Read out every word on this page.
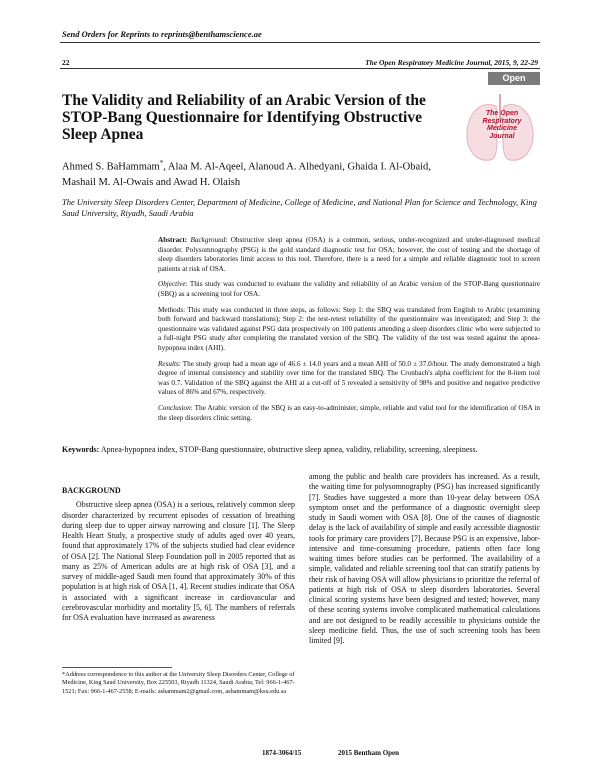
Send Orders for Reprints to reprints@benthamscience.ae
22	The Open Respiratory Medicine Journal, 2015, 9, 22-29
Open Access
The Validity and Reliability of an Arabic Version of the STOP-Bang Questionnaire for Identifying Obstructive Sleep Apnea
The Open Respiratory Medicine Journal
Ahmed S. BaHammam*, Alaa M. Al-Aqeel, Alanoud A. Alhedyani, Ghaida I. Al-Obaid, Mashail M. Al-Owais and Awad H. Olaish
The University Sleep Disorders Center, Department of Medicine, College of Medicine, and National Plan for Science and Technology, King Saud University, Riyadh, Saudi Arabia

Abstract: Background: Obstructive sleep apnea (OSA) is a common, serious, under-recognized and under-diagnosed medical disorder. Polysomnography (PSG) is the gold standard diagnostic test for OSA; however, the cost of testing and the shortage of sleep disorders laboratories limit access to this tool. Therefore, there is a need for a simple and reliable diagnostic tool to screen patients at risk of OSA.

Objective: This study was conducted to evaluate the validity and reliability of an Arabic version of the STOP-Bang questionnaire (SBQ) as a screening tool for OSA.

Methods: This study was conducted in three steps, as follows: Step 1: the SBQ was translated from English to Arabic (examining both forward and backward translations); Step 2: the test-retest reliability of the questionnaire was investigated; and Step 3: the questionnaire was validated against PSG data prospectively on 100 patients attending a sleep disorders clinic who were subjected to a full-night PSG study after completing the translated version of the SBQ. The validity of the test was tested against the apnea-hypopnea index (AHI).

Results: The study group had a mean age of 46.6 ± 14.0 years and a mean AHI of 50.0 ± 37.0/hour. The study demonstrated a high degree of internal consistency and stability over time for the translated SBQ. The Cronbach's alpha coefficient for the 8-item tool was 0.7. Validation of the SBQ against the AHI at a cut-off of 5 revealed a sensitivity of 98% and positive and negative predictive values of 86% and 67%, respectively.

Conclusion: The Arabic version of the SBQ is an easy-to-administer, simple, reliable and valid tool for the identification of OSA in the sleep disorders clinic setting.

Keywords: Apnea-hypopnea index, STOP-Bang questionnaire, obstructive sleep apnea, validity, reliability, screening, sleepiness.

BACKGROUND

Obstructive sleep apnea (OSA) is a serious, relatively common sleep disorder characterized by recurrent episodes of cessation of breathing during sleep due to upper airway narrowing and closure [1]. The Sleep Health Heart Study, a prospective study of adults aged over 40 years, found that approximately 17% of the subjects studied had clear evidence of OSA [2]. The National Sleep Foundation poll in 2005 reported that as many as 25% of American adults are at high risk of OSA [3], and a survey of middle-aged Saudi men found that approximately 30% of this population is at high risk of OSA [1, 4]. Recent studies indicate that OSA is associated with a significant increase in cardiovascular and cerebrovascular morbidity and mortality [5, 6]. The numbers of referrals for OSA evaluation have increased as awareness

among the public and health care providers has increased. As a result, the waiting time for polysomnography (PSG) has increased significantly [7]. Studies have suggested a more than 10-year delay between OSA symptom onset and the performance of a diagnostic overnight sleep study in Saudi women with OSA [8]. One of the causes of diagnostic delay is the lack of availability of simple and easily accessible diagnostic tools for primary care providers [7]. Because PSG is an expensive, labor-intensive and time-consuming procedure, patients often face long waiting times before studies can be performed. The availability of a simple, validated and reliable screening tool that can stratify patients by their risk of having OSA will allow physicians to prioritize the referral of patients at high risk of OSA to sleep disorders laboratories. Several clinical scoring systems have been designed and tested; however, many of these scoring systems involve complicated mathematical calculations and are not designed to be readily accessible to physicians outside the sleep medicine field. Thus, the use of such screening tools has been limited [9].

*Address correspondence to this author at the University Sleep Disorders Center, College of Medicine, King Saud University, Box 225503, Riyadh 11324, Saudi Arabia; Tel: 966-1-467-1521; Fax: 966-1-467-2558; E-mails: ashammam2@gmail.com, ashammam@ksu.edu.sa
1874-3064/15	2015 Bentham Open
